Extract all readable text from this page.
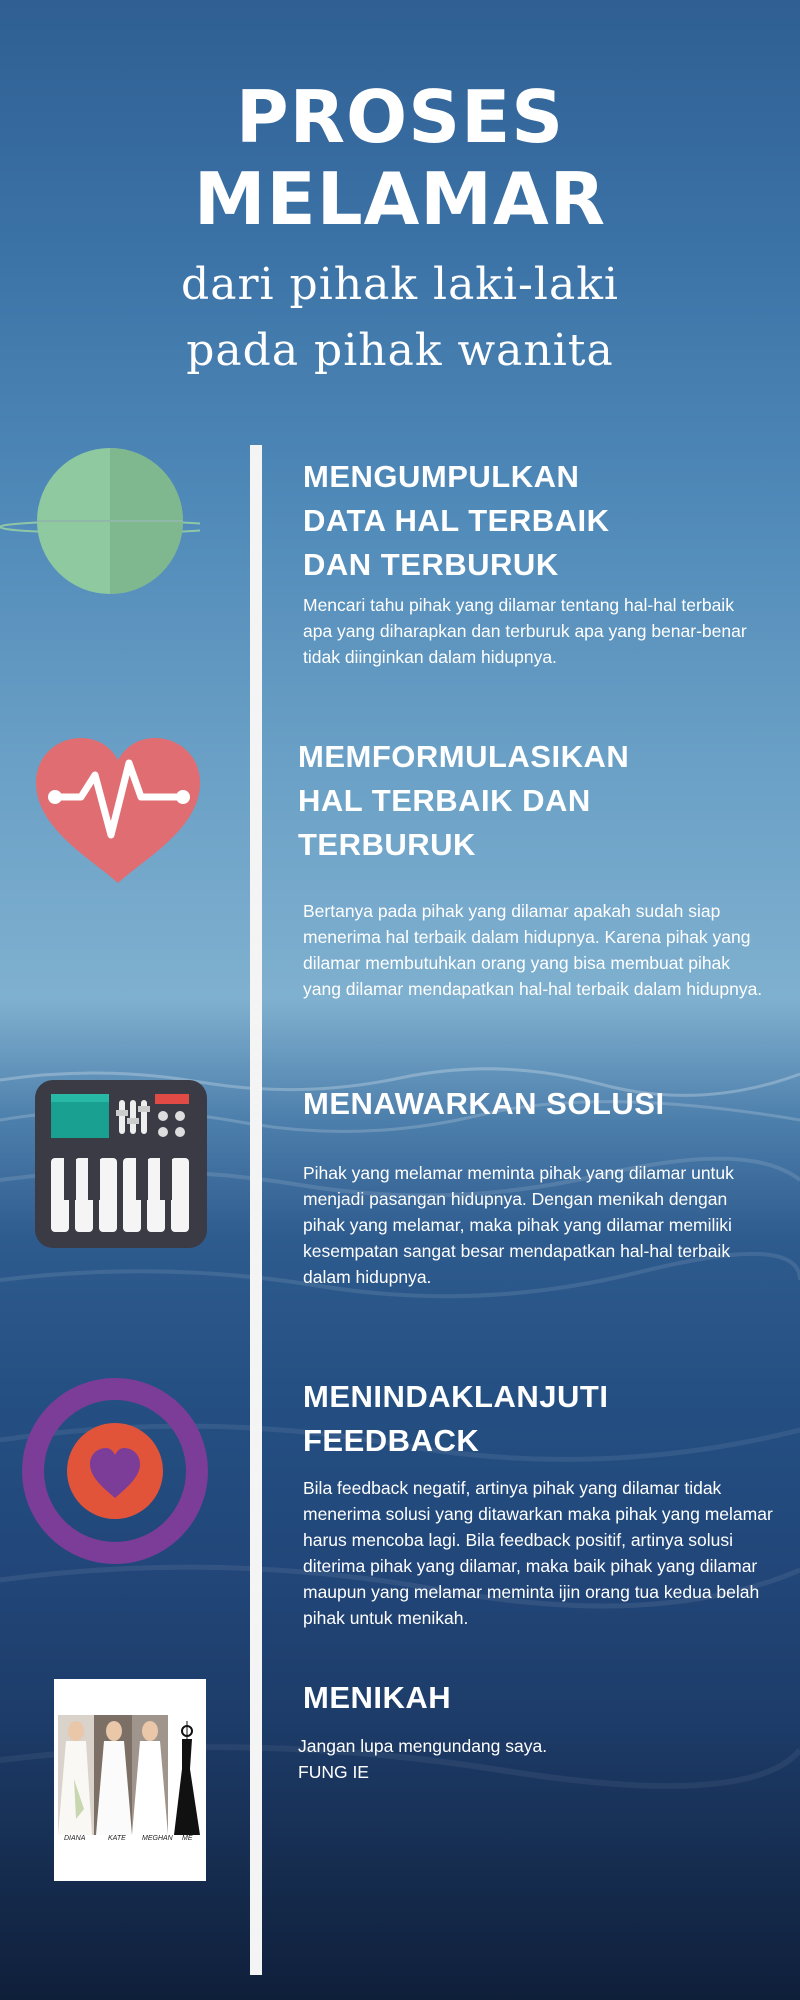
PROSES
MELAMAR
dari pihak laki-laki
pada pihak wanita
MENGUMPULKAN
DATA HAL TERBAIK
DAN TERBURUK
Mencari tahu pihak yang dilamar tentang hal-hal terbaik apa yang diharapkan dan terburuk apa yang benar-benar tidak diinginkan dalam hidupnya.
MEMFORMULASIKAN
HAL TERBAIK DAN
TERBURUK
Bertanya pada pihak yang dilamar apakah sudah siap menerima hal terbaik dalam hidupnya. Karena pihak yang dilamar membutuhkan orang yang bisa membuat pihak yang dilamar mendapatkan hal-hal terbaik dalam hidupnya.
MENAWARKAN SOLUSI
Pihak yang melamar meminta pihak yang dilamar untuk menjadi pasangan hidupnya. Dengan menikah dengan pihak yang melamar, maka pihak yang dilamar memiliki kesempatan sangat besar mendapatkan hal-hal terbaik dalam hidupnya.
MENINDAKLANJUTI
FEEDBACK
Bila feedback negatif, artinya pihak yang dilamar tidak menerima solusi yang ditawarkan maka pihak yang melamar harus mencoba lagi. Bila feedback positif, artinya solusi diterima pihak yang dilamar, maka baik pihak yang dilamar maupun yang melamar meminta ijin orang tua kedua belah pihak untuk menikah.
DIANA	KATE MEGHAN ME
MENIKAH
Jangan lupa mengundang saya.
FUNG IE
